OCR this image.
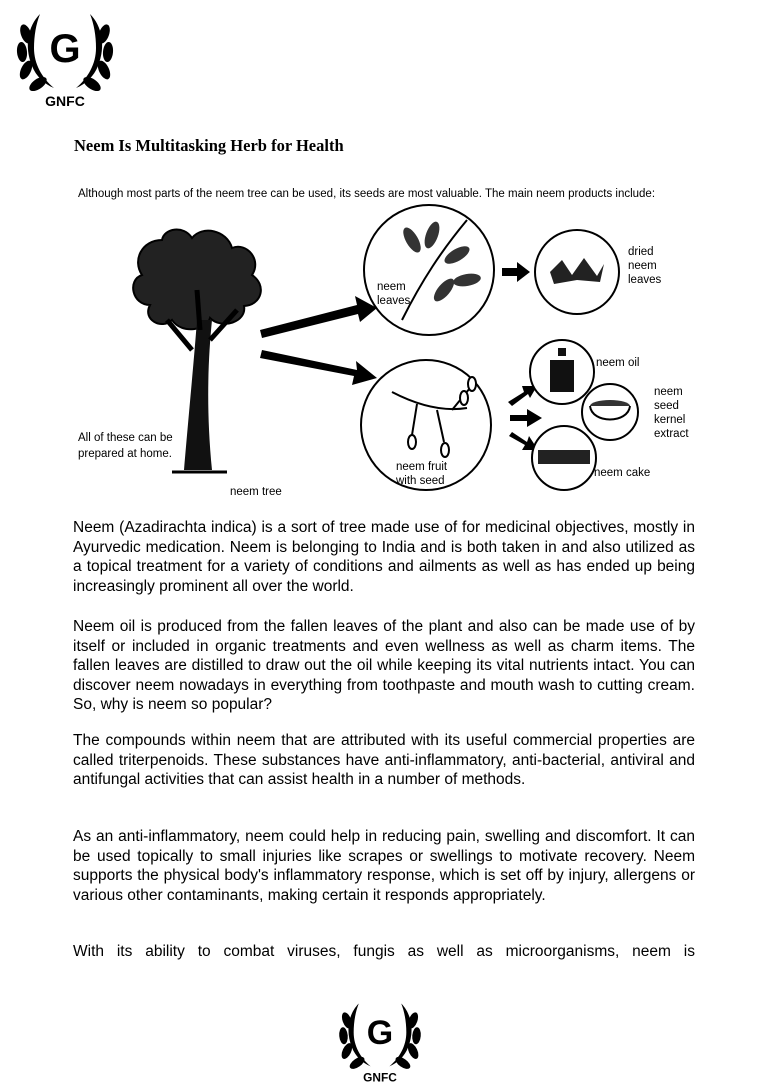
G
GNFC
Neem Is Multitasking Herb for Health
Although most parts of the neem tree can be used, its seeds are most valuable. The main neem products include:
All of these can be prepared at home.
neem tree
neem
leaves
dried
neem
leaves
neem fruit
with seed
neem oil
neem
seed
kernel
extract
neem cake

Neem (Azadirachta indica) is a sort of tree made use of for medicinal objectives, mostly in Ayurvedic medication. Neem is belonging to India and is both taken in and also utilized as a topical treatment for a variety of conditions and ailments as well as has ended up being increasingly prominent all over the world.

Neem oil is produced from the fallen leaves of the plant and also can be made use of by itself or included in organic treatments and even wellness as well as charm items. The fallen leaves are distilled to draw out the oil while keeping its vital nutrients intact. You can discover neem nowadays in everything from toothpaste and mouth wash to cutting cream. So, why is neem so popular?

The compounds within neem that are attributed with its useful commercial properties are called triterpenoids. These substances have anti-inflammatory, anti-bacterial, antiviral and antifungal activities that can assist health in a number of methods.

As an anti-inflammatory, neem could help in reducing pain, swelling and discomfort. It can be used topically to small injuries like scrapes or swellings to motivate recovery. Neem supports the physical body's inflammatory response, which is set off by injury, allergens or various other contaminants, making certain it responds appropriately.

With its ability to combat viruses, fungis as well as microorganisms, neem is

G
GNFC
